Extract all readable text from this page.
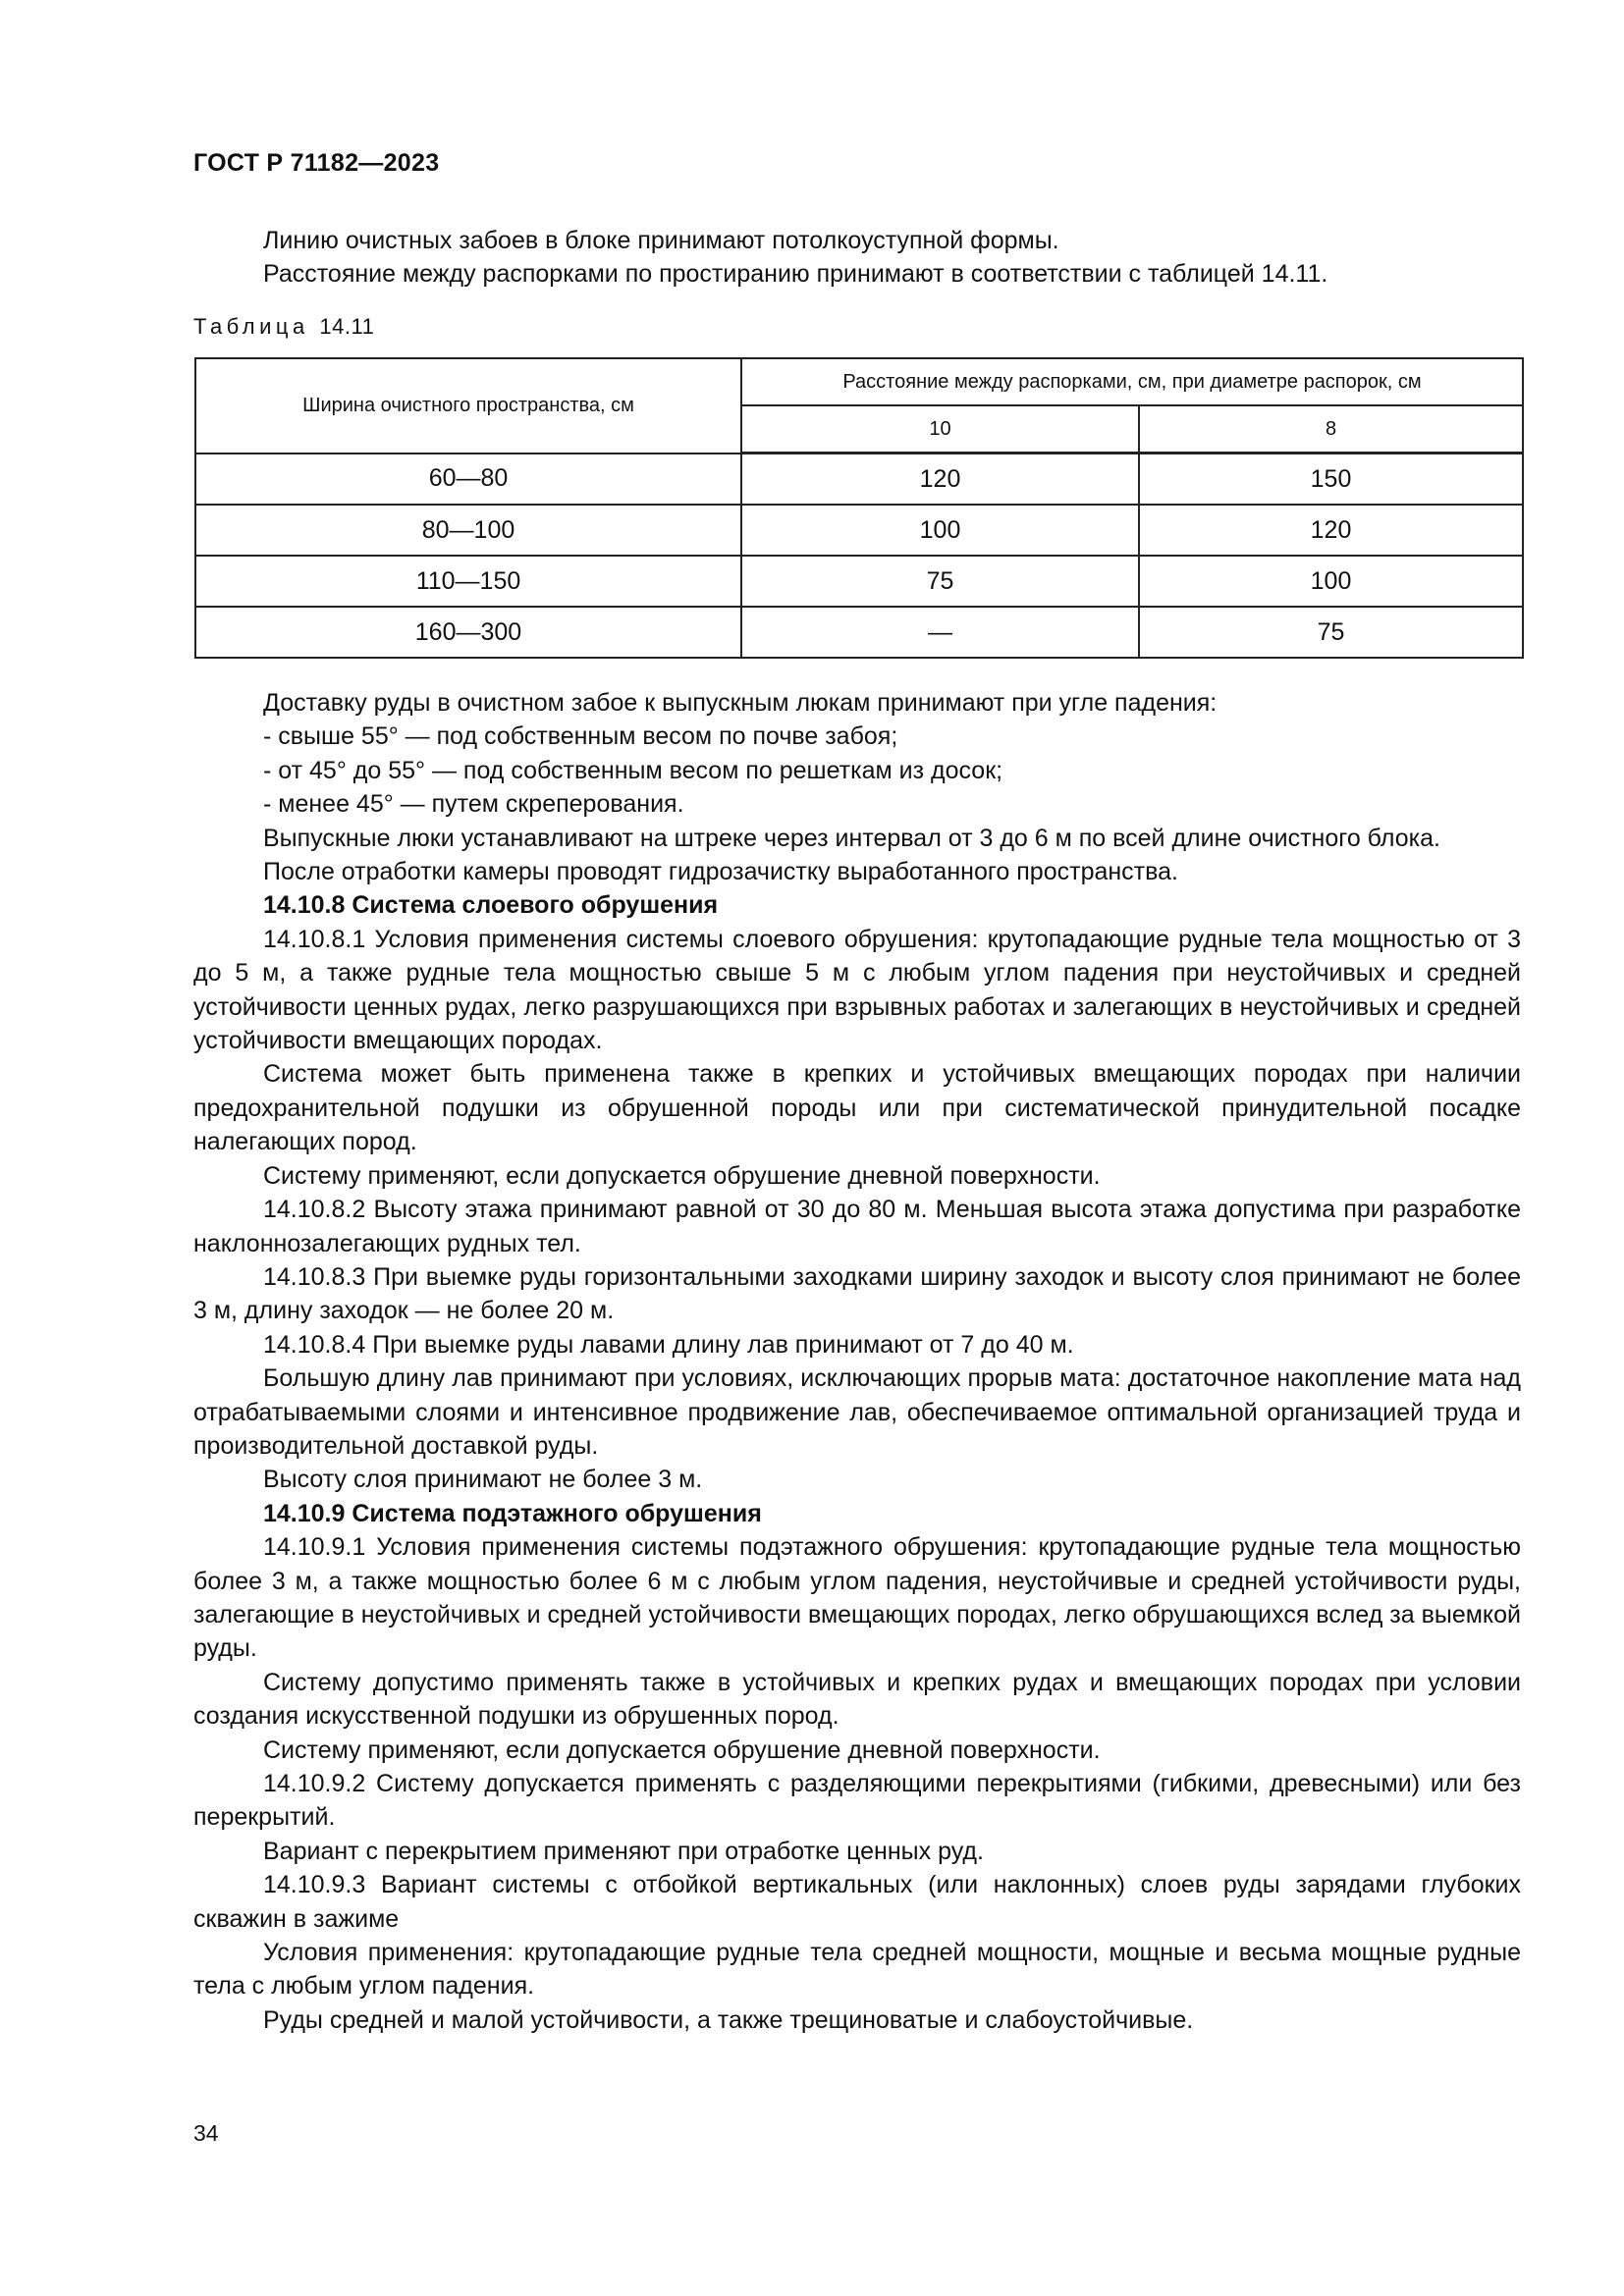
ГОСТ Р 71182—2023

Линию очистных забоев в блоке принимают потолкоуступной формы.

Расстояние между распорками по простиранию принимают в соответствии с таблицей 14.11.

Таблица 14.11
Ширина очистного пространства, см	Расстояние между распорками, см, при диаметре распорок, см	
	10	8
60—80	120	150
80—100	100	120
110—150	75	100
160—300	—	75

Доставку руды в очистном забое к выпускным люкам принимают при угле падения:

- свыше 55° — под собственным весом по почве забоя;

- от 45° до 55° — под собственным весом по решеткам из досок;

- менее 45° — путем скреперования.

Выпускные люки устанавливают на штреке через интервал от 3 до 6 м по всей длине очистного блока.

После отработки камеры проводят гидрозачистку выработанного пространства.

14.10.8 Система слоевого обрушения

14.10.8.1 Условия применения системы слоевого обрушения: крутопадающие рудные тела мощностью от 3 до 5 м, а также рудные тела мощностью свыше 5 м с любым углом падения при неустойчивых и средней устойчивости ценных рудах, легко разрушающихся при взрывных работах и залегающих в неустойчивых и средней устойчивости вмещающих породах.

Система может быть применена также в крепких и устойчивых вмещающих породах при наличии предохранительной подушки из обрушенной породы или при систематической принудительной посадке налегающих пород.

Систему применяют, если допускается обрушение дневной поверхности.

14.10.8.2 Высоту этажа принимают равной от 30 до 80 м. Меньшая высота этажа допустима при разработке наклоннозалегающих рудных тел.

14.10.8.3 При выемке руды горизонтальными заходками ширину заходок и высоту слоя принимают не более 3 м, длину заходок — не более 20 м.

14.10.8.4 При выемке руды лавами длину лав принимают от 7 до 40 м.

Большую длину лав принимают при условиях, исключающих прорыв мата: достаточное накопление мата над отрабатываемыми слоями и интенсивное продвижение лав, обеспечиваемое оптимальной организацией труда и производительной доставкой руды.

Высоту слоя принимают не более 3 м.

14.10.9 Система подэтажного обрушения

14.10.9.1 Условия применения системы подэтажного обрушения: крутопадающие рудные тела мощностью более 3 м, а также мощностью более 6 м с любым углом падения, неустойчивые и средней устойчивости руды, залегающие в неустойчивых и средней устойчивости вмещающих породах, легко обрушающихся вслед за выемкой руды.

Систему допустимо применять также в устойчивых и крепких рудах и вмещающих породах при условии создания искусственной подушки из обрушенных пород.

Систему применяют, если допускается обрушение дневной поверхности.

14.10.9.2 Систему допускается применять с разделяющими перекрытиями (гибкими, древесными) или без перекрытий.

Вариант с перекрытием применяют при отработке ценных руд.

14.10.9.3 Вариант системы с отбойкой вертикальных (или наклонных) слоев руды зарядами глубоких скважин в зажиме

Условия применения: крутопадающие рудные тела средней мощности, мощные и весьма мощные рудные тела с любым углом падения.

Руды средней и малой устойчивости, а также трещиноватые и слабоустойчивые.

34
